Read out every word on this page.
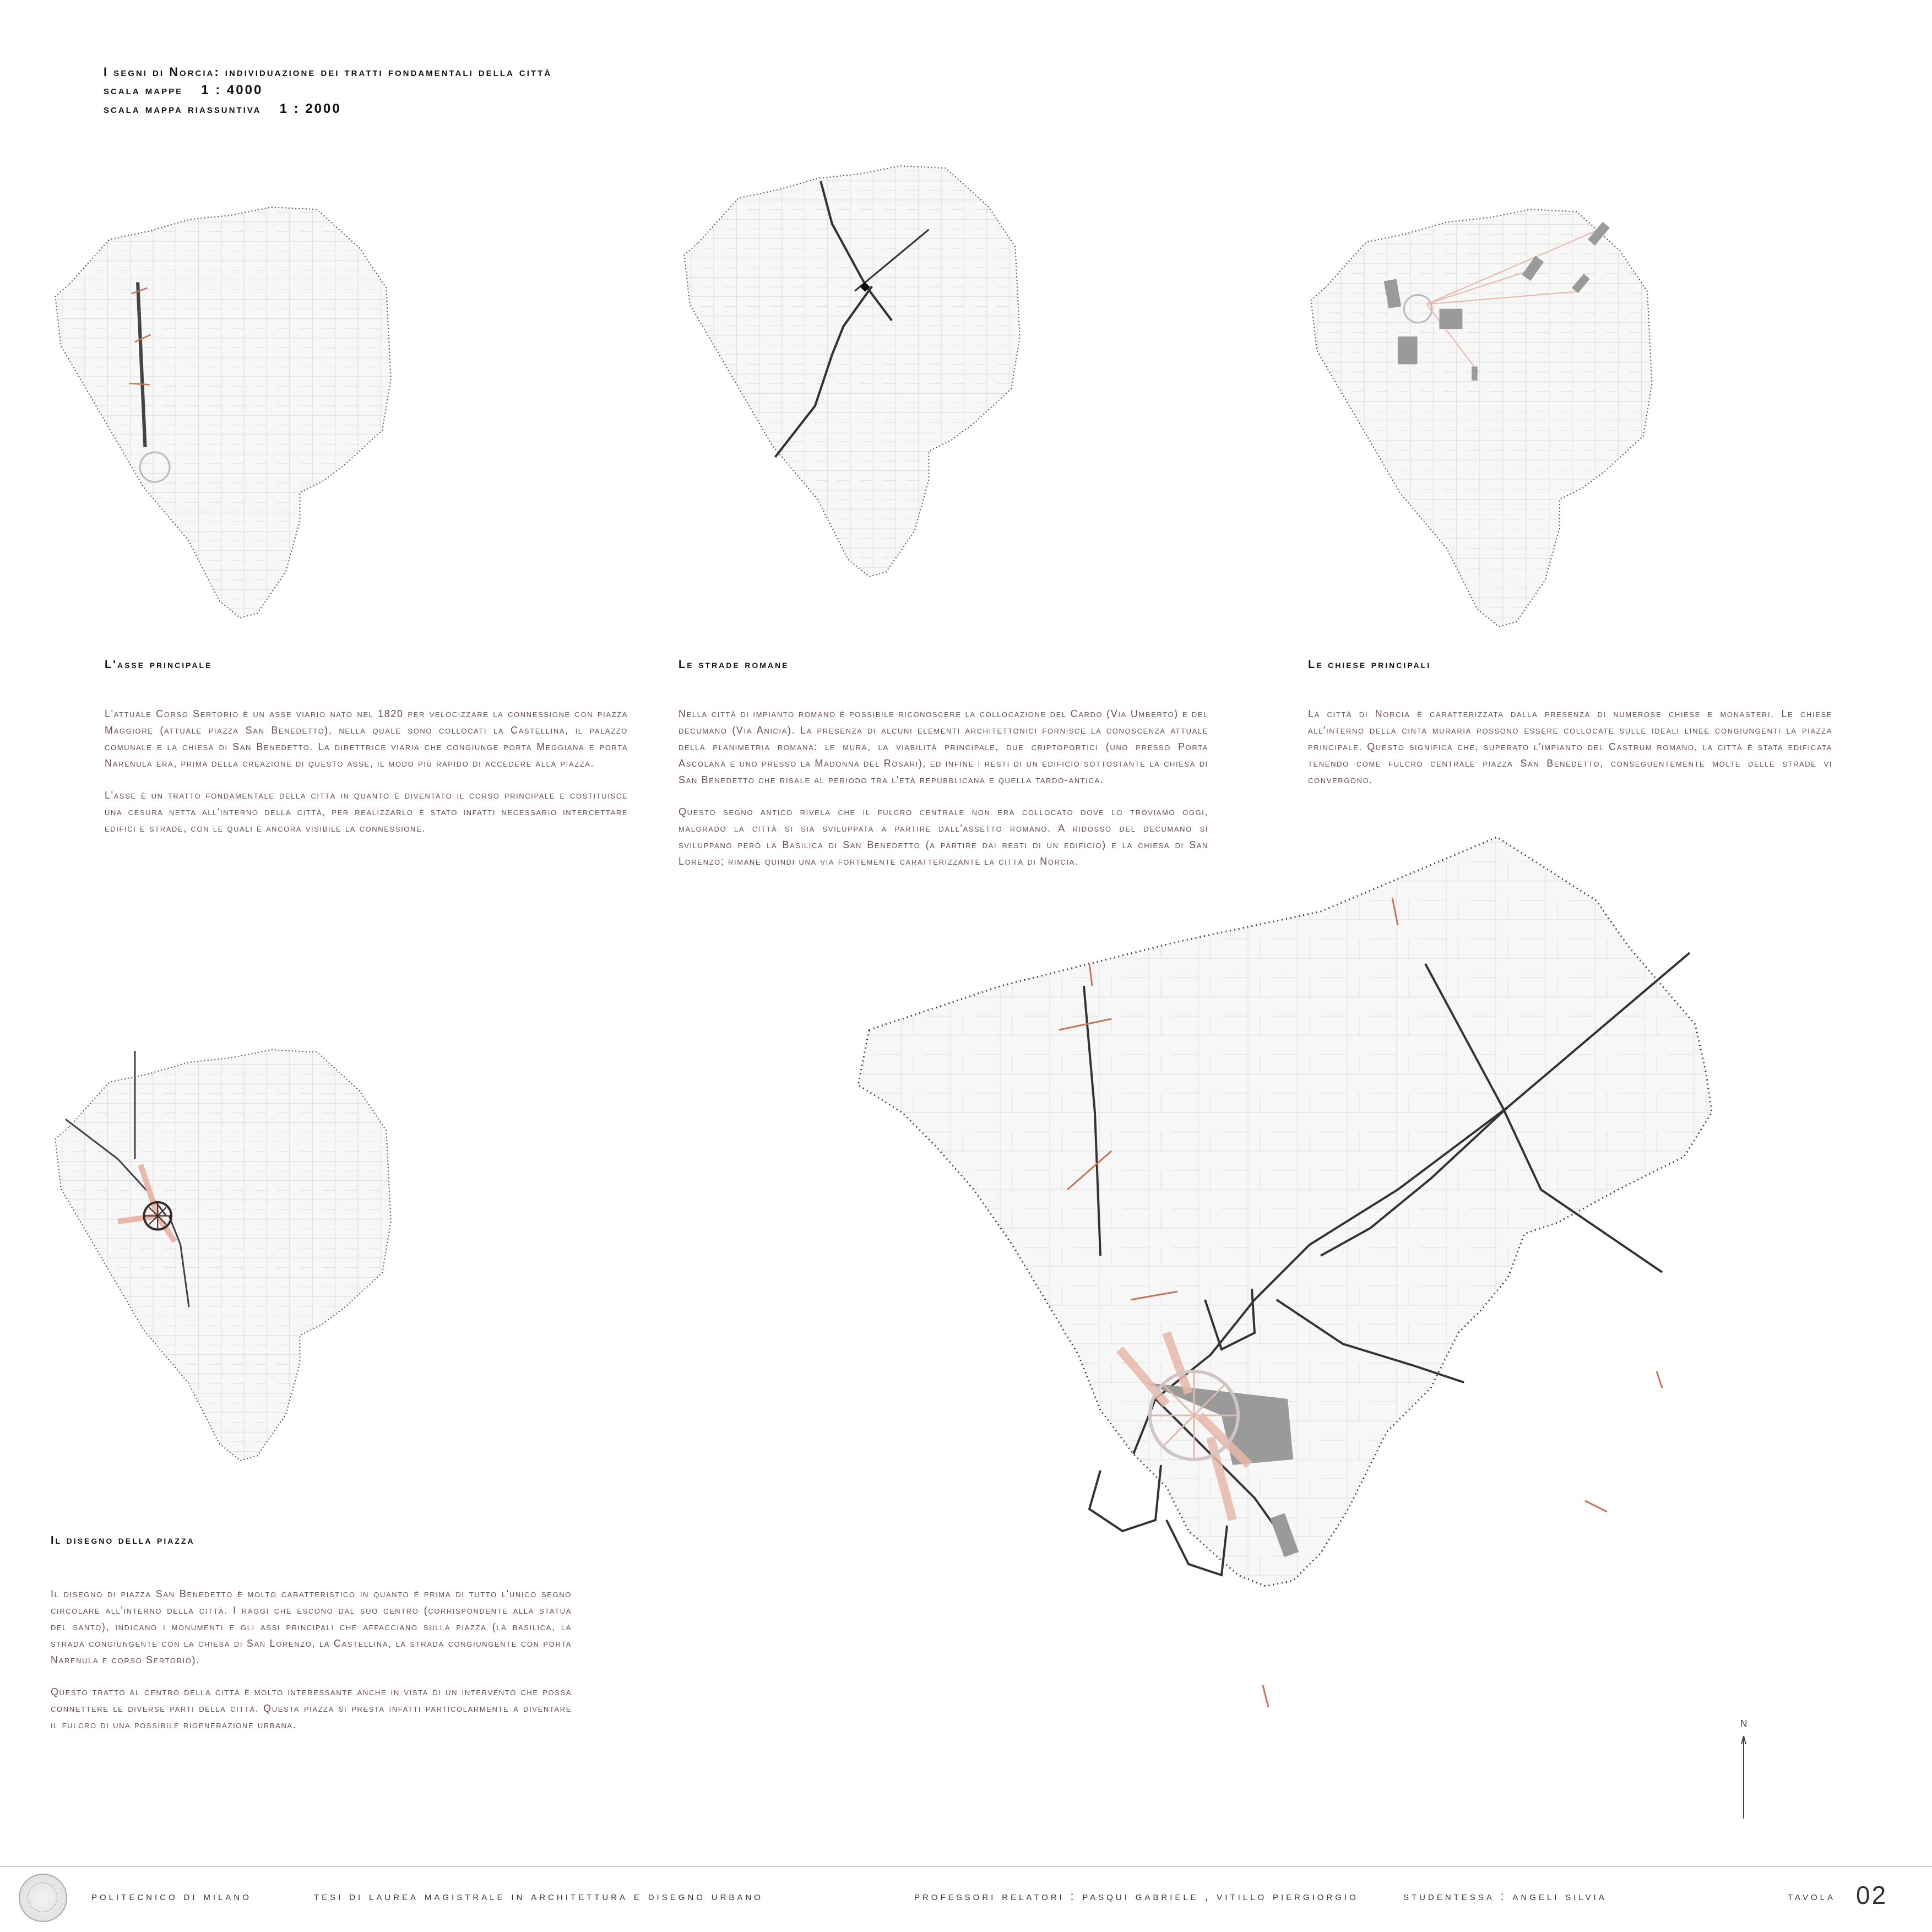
I segni di Norcia: individuazione dei tratti fondamentali della città
scala mappe 1 : 4000
scala mappa riassuntiva 1 : 2000
N
L'asse principale

L'attuale Corso Sertorio è un asse viario nato nel 1820 per velocizzare la connessione con piazza Maggiore (attuale piazza San Benedetto), nella quale sono collocati la Castellina, il palazzo comunale e la chiesa di San Benedetto. La direttrice viaria che congiunge porta Meggiana e porta Narenula era, prima della creazione di questo asse, il modo più rapido di accedere alla piazza.

L'asse è un tratto fondamentale della città in quanto è diventato il corso principale e costituisce una cesura netta all'interno della città, per realizzarlo è stato infatti necessario intercettare edifici e strade, con le quali è ancora visibile la connessione.

Le strade romane

Nella città di impianto romano è possibile riconoscere la collocazione del Cardo (Via Umberto) e del decumano (Via Anicia). La presenza di alcuni elementi architettonici fornisce la conoscenza attuale della planimetria romana: le mura, la viabilità principale, due criptoportici (uno presso Porta Ascolana e uno presso la Madonna del Rosari), ed infine i resti di un edificio sottostante la chiesa di San Benedetto che risale al periodo tra l'età repubblicana e quella tardo-antica.

Questo segno antico rivela che il fulcro centrale non era collocato dove lo troviamo oggi, malgrado la città si sia sviluppata a partire dall'assetto romano. A ridosso del decumano si sviluppano però la Basilica di San Benedetto (a partire dai resti di un edificio) e la chiesa di San Lorenzo; rimane quindi una via fortemente caratterizzante la città di Norcia.

Le chiese principali

La città di Norcia è caratterizzata dalla presenza di numerose chiese e monasteri. Le chiese all'interno della cinta muraria possono essere collocate sulle ideali linee congiungenti la piazza principale. Questo significa che, superato l'impianto del Castrum romano, la città è stata edificata tenendo come fulcro centrale piazza San Benedetto, conseguentemente molte delle strade vi convergono.

Il disegno della piazza

Il disegno di piazza San Benedetto è molto caratteristico in quanto è prima di tutto l'unico segno circolare all'interno della città. I raggi che escono dal suo centro (corrispondente alla statua del santo), indicano i monumenti e gli assi principali che affacciano sulla piazza (la basilica, la strada congiungente con la chiesa di San Lorenzo, la Castellina, la strada congiungente con porta Narenula e corso Sertorio).

Questo tratto al centro della città è molto interessante anche in vista di un intervento che possa connettere le diverse parti della città. Questa piazza si presta infatti particolarmente a diventare il fulcro di una possibile rigenerazione urbana.

politecnico di milano	tesi di laurea magistrale in architettura e disegno urbano	professori relatori : pasqui gabriele , vitillo piergiorgio	studentessa : angeli silvia	tavola 02
